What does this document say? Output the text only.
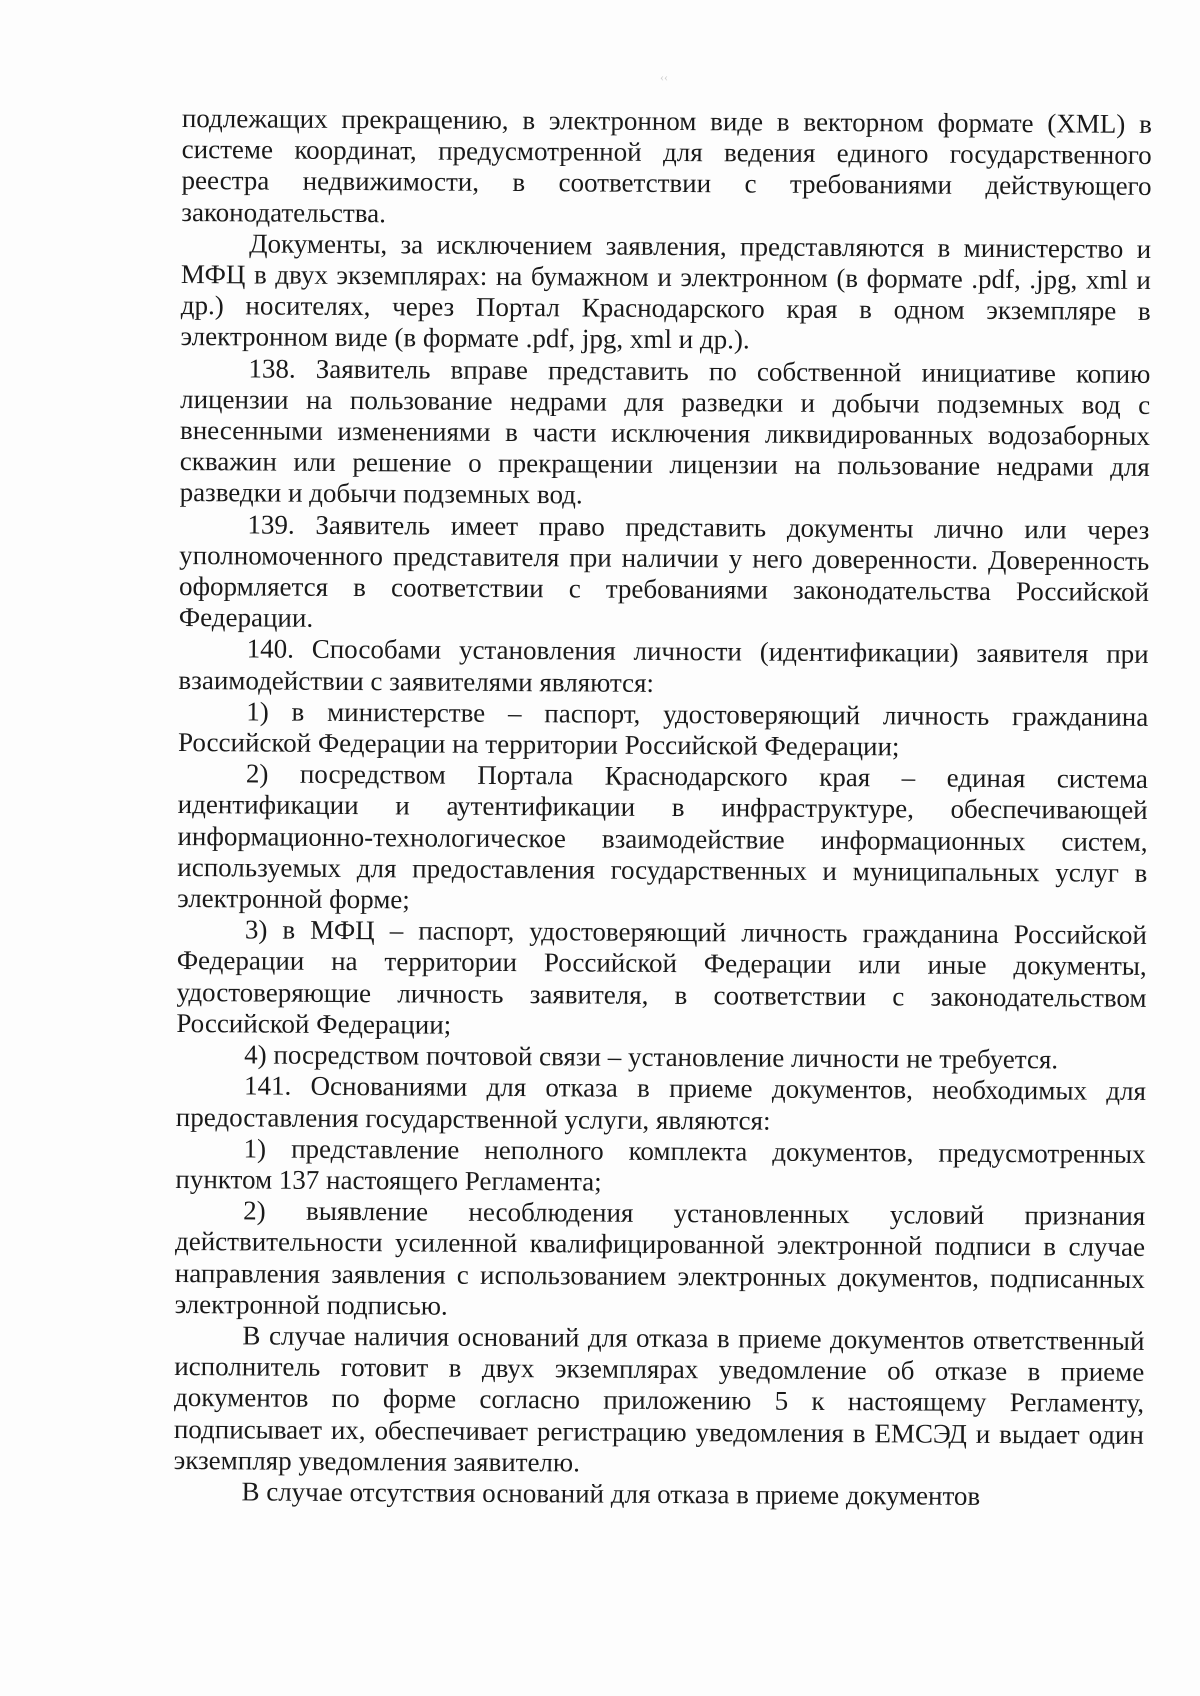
‹‹

подлежащих прекращению, в электронном виде в векторном формате (XML) в системе координат, предусмотренной для ведения единого государственного реестра недвижимости, в соответствии с требованиями действующего законодательства.

Документы, за исключением заявления, представляются в министерство и МФЦ в двух экземплярах: на бумажном и электронном (в формате .pdf, .jpg, xml и др.) носителях, через Портал Краснодарского края в одном экземпляре в электронном виде (в формате .pdf, jpg, xml и др.).

138. Заявитель вправе представить по собственной инициативе копию лицензии на пользование недрами для разведки и добычи подземных вод с внесенными изменениями в части исключения ликвидированных водозаборных скважин или решение о прекращении лицензии на пользование недрами для разведки и добычи подземных вод.

139. Заявитель имеет право представить документы лично или через уполномоченного представителя при наличии у него доверенности. Доверенность оформляется в соответствии с требованиями законодательства Российской Федерации.

140. Способами установления личности (идентификации) заявителя при взаимодействии с заявителями являются:

1) в министерстве – паспорт, удостоверяющий личность гражданина Российской Федерации на территории Российской Федерации;

2) посредством Портала Краснодарского края – единая система идентификации и аутентификации в инфраструктуре, обеспечивающей информационно-технологическое взаимодействие информационных систем, используемых для предоставления государственных и муниципальных услуг в электронной форме;

3) в МФЦ – паспорт, удостоверяющий личность гражданина Российской Федерации на территории Российской Федерации или иные документы, удостоверяющие личность заявителя, в соответствии с законодательством Российской Федерации;

4) посредством почтовой связи – установление личности не требуется.

141. Основаниями для отказа в приеме документов, необходимых для предоставления государственной услуги, являются:

1) представление неполного комплекта документов, предусмотренных пунктом 137 настоящего Регламента;

2) выявление несоблюдения установленных условий признания действительности усиленной квалифицированной электронной подписи в случае направления заявления с использованием электронных документов, подписанных электронной подписью.

В случае наличия оснований для отказа в приеме документов ответственный исполнитель готовит в двух экземплярах уведомление об отказе в приеме документов по форме согласно приложению 5 к настоящему Регламенту, подписывает их, обеспечивает регистрацию уведомления в ЕМСЭД и выдает один экземпляр уведомления заявителю.

В случае отсутствия оснований для отказа в приеме документов
